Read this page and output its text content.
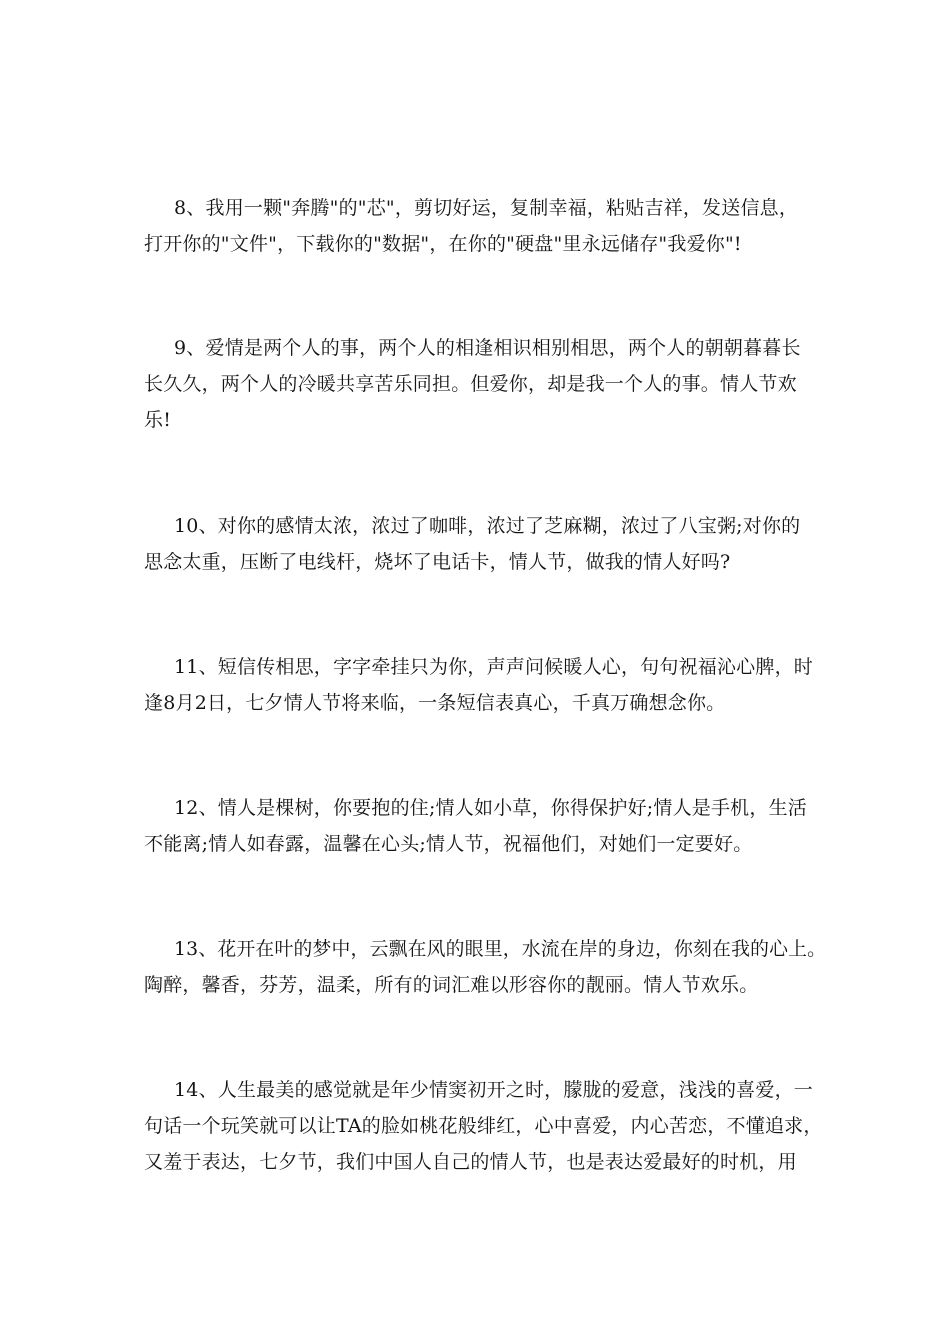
8、我用一颗"奔腾"的"芯"，剪切好运，复制幸福，粘贴吉祥，发送信息，
打开你的"文件"，下载你的"数据"，在你的"硬盘"里永远储存"我爱你"!
9、爱情是两个人的事，两个人的相逢相识相别相思，两个人的朝朝暮暮长
长久久，两个人的冷暖共享苦乐同担。但爱你，却是我一个人的事。情人节欢
乐!
10、对你的感情太浓，浓过了咖啡，浓过了芝麻糊，浓过了八宝粥;对你的
思念太重，压断了电线杆，烧坏了电话卡，情人节，做我的情人好吗?
11、短信传相思，字字牵挂只为你，声声问候暖人心，句句祝福沁心脾，时
逢8月2日，七夕情人节将来临，一条短信表真心，千真万确想念你。
12、情人是棵树，你要抱的住;情人如小草，你得保护好;情人是手机，生活
不能离;情人如春露，温馨在心头;情人节，祝福他们，对她们一定要好。
13、花开在叶的梦中，云飘在风的眼里，水流在岸的身边，你刻在我的心上。
陶醉，馨香，芬芳，温柔，所有的词汇难以形容你的靓丽。情人节欢乐。
14、人生最美的感觉就是年少情窦初开之时，朦胧的爱意，浅浅的喜爱，一
句话一个玩笑就可以让TA的脸如桃花般绯红，心中喜爱，内心苦恋，不懂追求，
又羞于表达，七夕节，我们中国人自己的情人节，也是表达爱最好的时机，用
